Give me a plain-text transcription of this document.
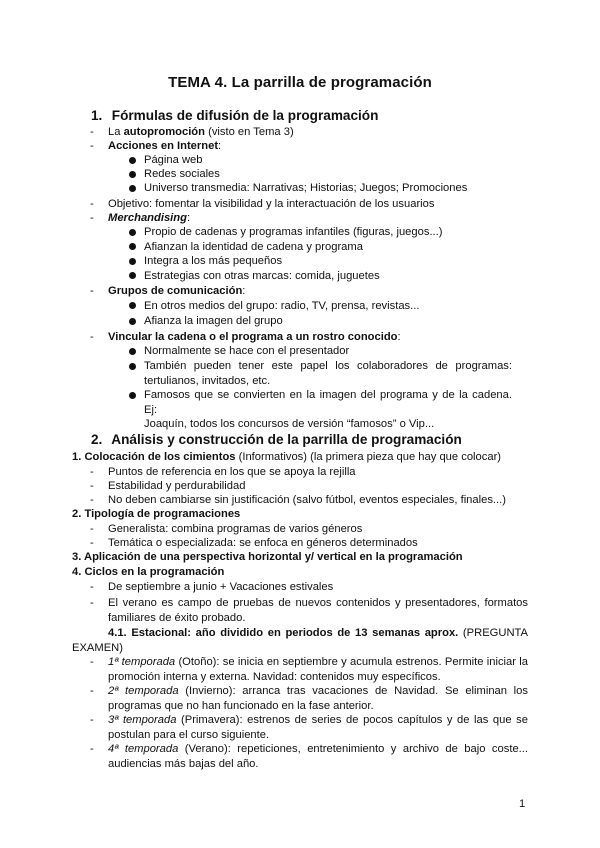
TEMA 4. La parrilla de programación
1. Fórmulas de difusión de la programación
- La autopromoción (visto en Tema 3)
- Acciones en Internet:
Página web
Redes sociales
Universo transmedia: Narrativas; Historias; Juegos; Promociones
- Objetivo: fomentar la visibilidad y la interactuación de los usuarios
- Merchandising:
Propio de cadenas y programas infantiles (figuras, juegos...)
Afianzan la identidad de cadena y programa
Integra a los más pequeños
Estrategias con otras marcas: comida, juguetes
- Grupos de comunicación:
En otros medios del grupo: radio, TV, prensa, revistas...
Afianza la imagen del grupo
- Vincular la cadena o el programa a un rostro conocido:
Normalmente se hace con el presentador
También pueden tener este papel los colaboradores de programas:
tertulianos, invitados, etc.
Famosos que se convierten en la imagen del programa y de la cadena. Ej:
Joaquín, todos los concursos de versión “famosos” o Vip...
2. Análisis y construcción de la parrilla de programación
1. Colocación de los cimientos (Informativos) (la primera pieza que hay que colocar)
- Puntos de referencia en los que se apoya la rejilla
- Estabilidad y perdurabilidad
- No deben cambiarse sin justificación (salvo fútbol, eventos especiales, finales...)
2. Tipología de programaciones
- Generalista: combina programas de varios géneros
- Temática o especializada: se enfoca en géneros determinados
3. Aplicación de una perspectiva horizontal y/ vertical en la programación
4. Ciclos en la programación
- De septiembre a junio + Vacaciones estivales
- El verano es campo de pruebas de nuevos contenidos y presentadores, formatos
familiares de éxito probado.
4.1. Estacional: año dividido en periodos de 13 semanas aprox. (PREGUNTA
EXAMEN)
- 1ª temporada (Otoño): se inicia en septiembre y acumula estrenos. Permite iniciar la
promoción interna y externa. Navidad: contenidos muy específicos.
- 2ª temporada (Invierno): arranca tras vacaciones de Navidad. Se eliminan los
programas que no han funcionado en la fase anterior.
- 3ª temporada (Primavera): estrenos de series de pocos capítulos y de las que se
postulan para el curso siguiente.
- 4ª temporada (Verano): repeticiones, entretenimiento y archivo de bajo coste...
audiencias más bajas del año.
1
